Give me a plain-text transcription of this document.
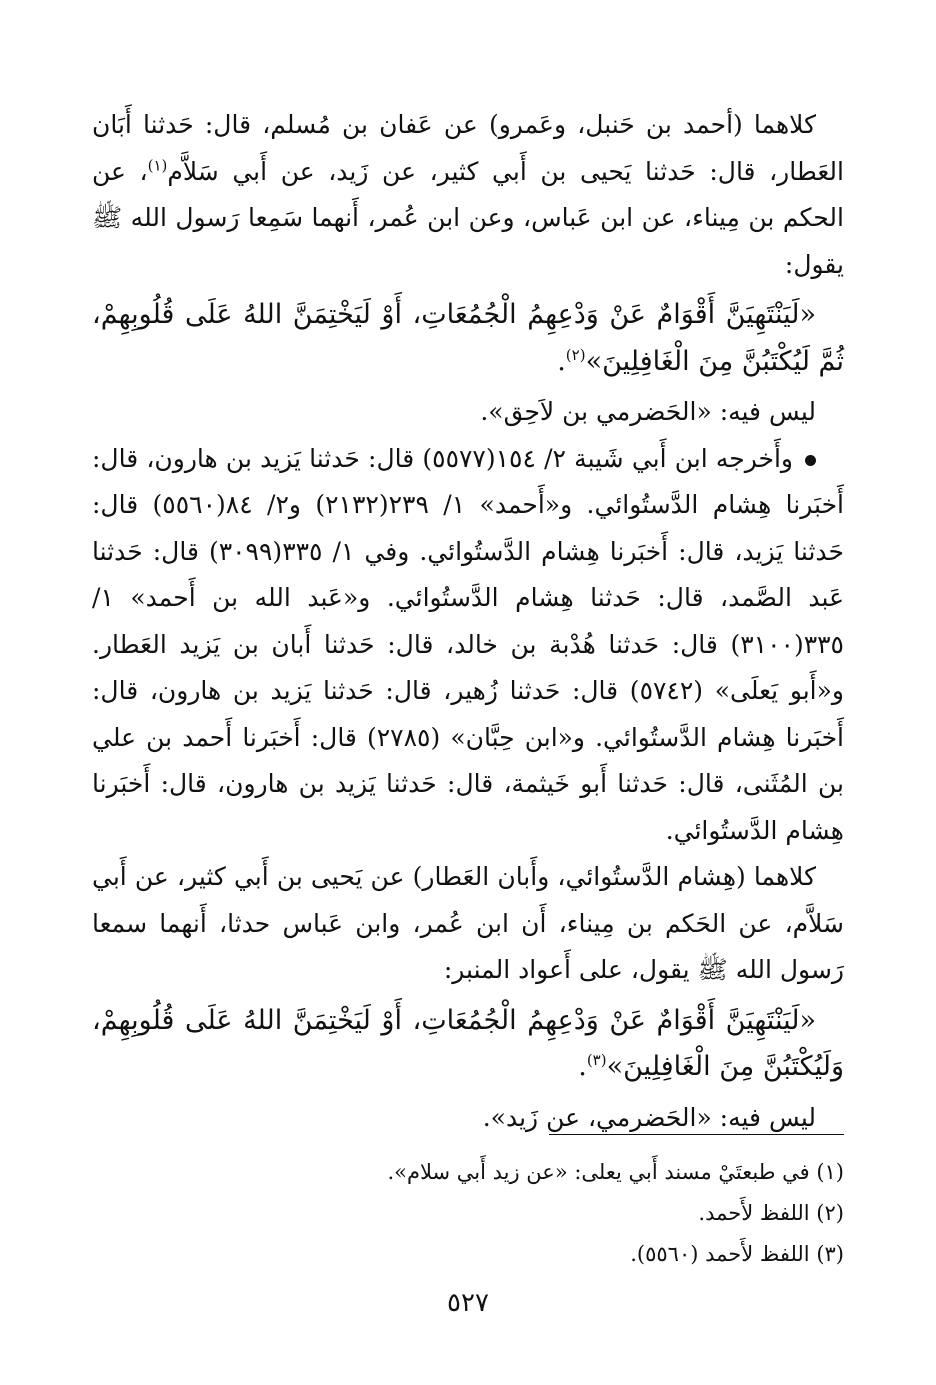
كلاهما (أحمد بن حَنبل، وعَمرو) عن عَفان بن مُسلم، قال: حَدثنا أَبَان العَطار، قال: حَدثنا يَحيى بن أَبي كثير، عن زَيد، عن أَبي سَلاَّم$^{(١)}$، عن الحكم بن مِيناء، عن ابن عَباس، وعن ابن عُمر، أَنهما سَمِعا رَسول الله ﷺ يقول:

«لَيَنْتَهِيَنَّ أَقْوَامٌ عَنْ وَدْعِهِمُ الْجُمُعَاتِ، أَوْ لَيَخْتِمَنَّ اللهُ عَلَى قُلُوبِهِمْ، ثُمَّ لَيُكْتَبُنَّ مِنَ الْغَافِلِينَ»$^{(٢)}$.

ليس فيه: «الحَضرمي بن لاَحِق».

وأَخرجه ابن أَبي شَيبة ٢/ ١٥٤(٥٥٧٧) قال: حَدثنا يَزيد بن هارون، قال: أَخبَرنا هِشام الدَّستُوائي. و«أَحمد» ١/ ٢٣٩(٢١٣٢) و٢/ ٨٤(٥٥٦٠) قال: حَدثنا يَزيد، قال: أَخبَرنا هِشام الدَّستُوائي. وفي ١/ ٣٣٥(٣٠٩٩) قال: حَدثنا عَبد الصَّمد، قال: حَدثنا هِشام الدَّستُوائي. و«عَبد الله بن أَحمد» ١/ ٣٣٥(٣١٠٠) قال: حَدثنا هُدْبة بن خالد، قال: حَدثنا أَبان بن يَزيد العَطار. و«أَبو يَعلَى» (٥٧٤٢) قال: حَدثنا زُهير، قال: حَدثنا يَزيد بن هارون، قال: أَخبَرنا هِشام الدَّستُوائي. و«ابن حِبَّان» (٢٧٨٥) قال: أَخبَرنا أَحمد بن علي بن المُثَنى، قال: حَدثنا أَبو خَيثمة، قال: حَدثنا يَزيد بن هارون، قال: أَخبَرنا هِشام الدَّستُوائي.

كلاهما (هِشام الدَّستُوائي، وأَبان العَطار) عن يَحيى بن أَبي كثير، عن أَبي سَلاَّم، عن الحَكم بن مِيناء، أَن ابن عُمر، وابن عَباس حدثا، أَنهما سمعا رَسول الله ﷺ يقول، على أَعواد المنبر:

«لَيَنْتَهِيَنَّ أَقْوَامٌ عَنْ وَدْعِهِمُ الْجُمُعَاتِ، أَوْ لَيَخْتِمَنَّ اللهُ عَلَى قُلُوبِهِمْ، وَلَيُكْتَبُنَّ مِنَ الْغَافِلِينَ»$^{(٣)}$.

ليس فيه: «الحَضرمي، عن زَيد».

(١) في طبعتَيْ مسند أَبي يعلى: «عن زيد أَبي سلام».

(٢) اللفظ لأَحمد.

(٣) اللفظ لأَحمد (٥٥٦٠).

٥٢٧
